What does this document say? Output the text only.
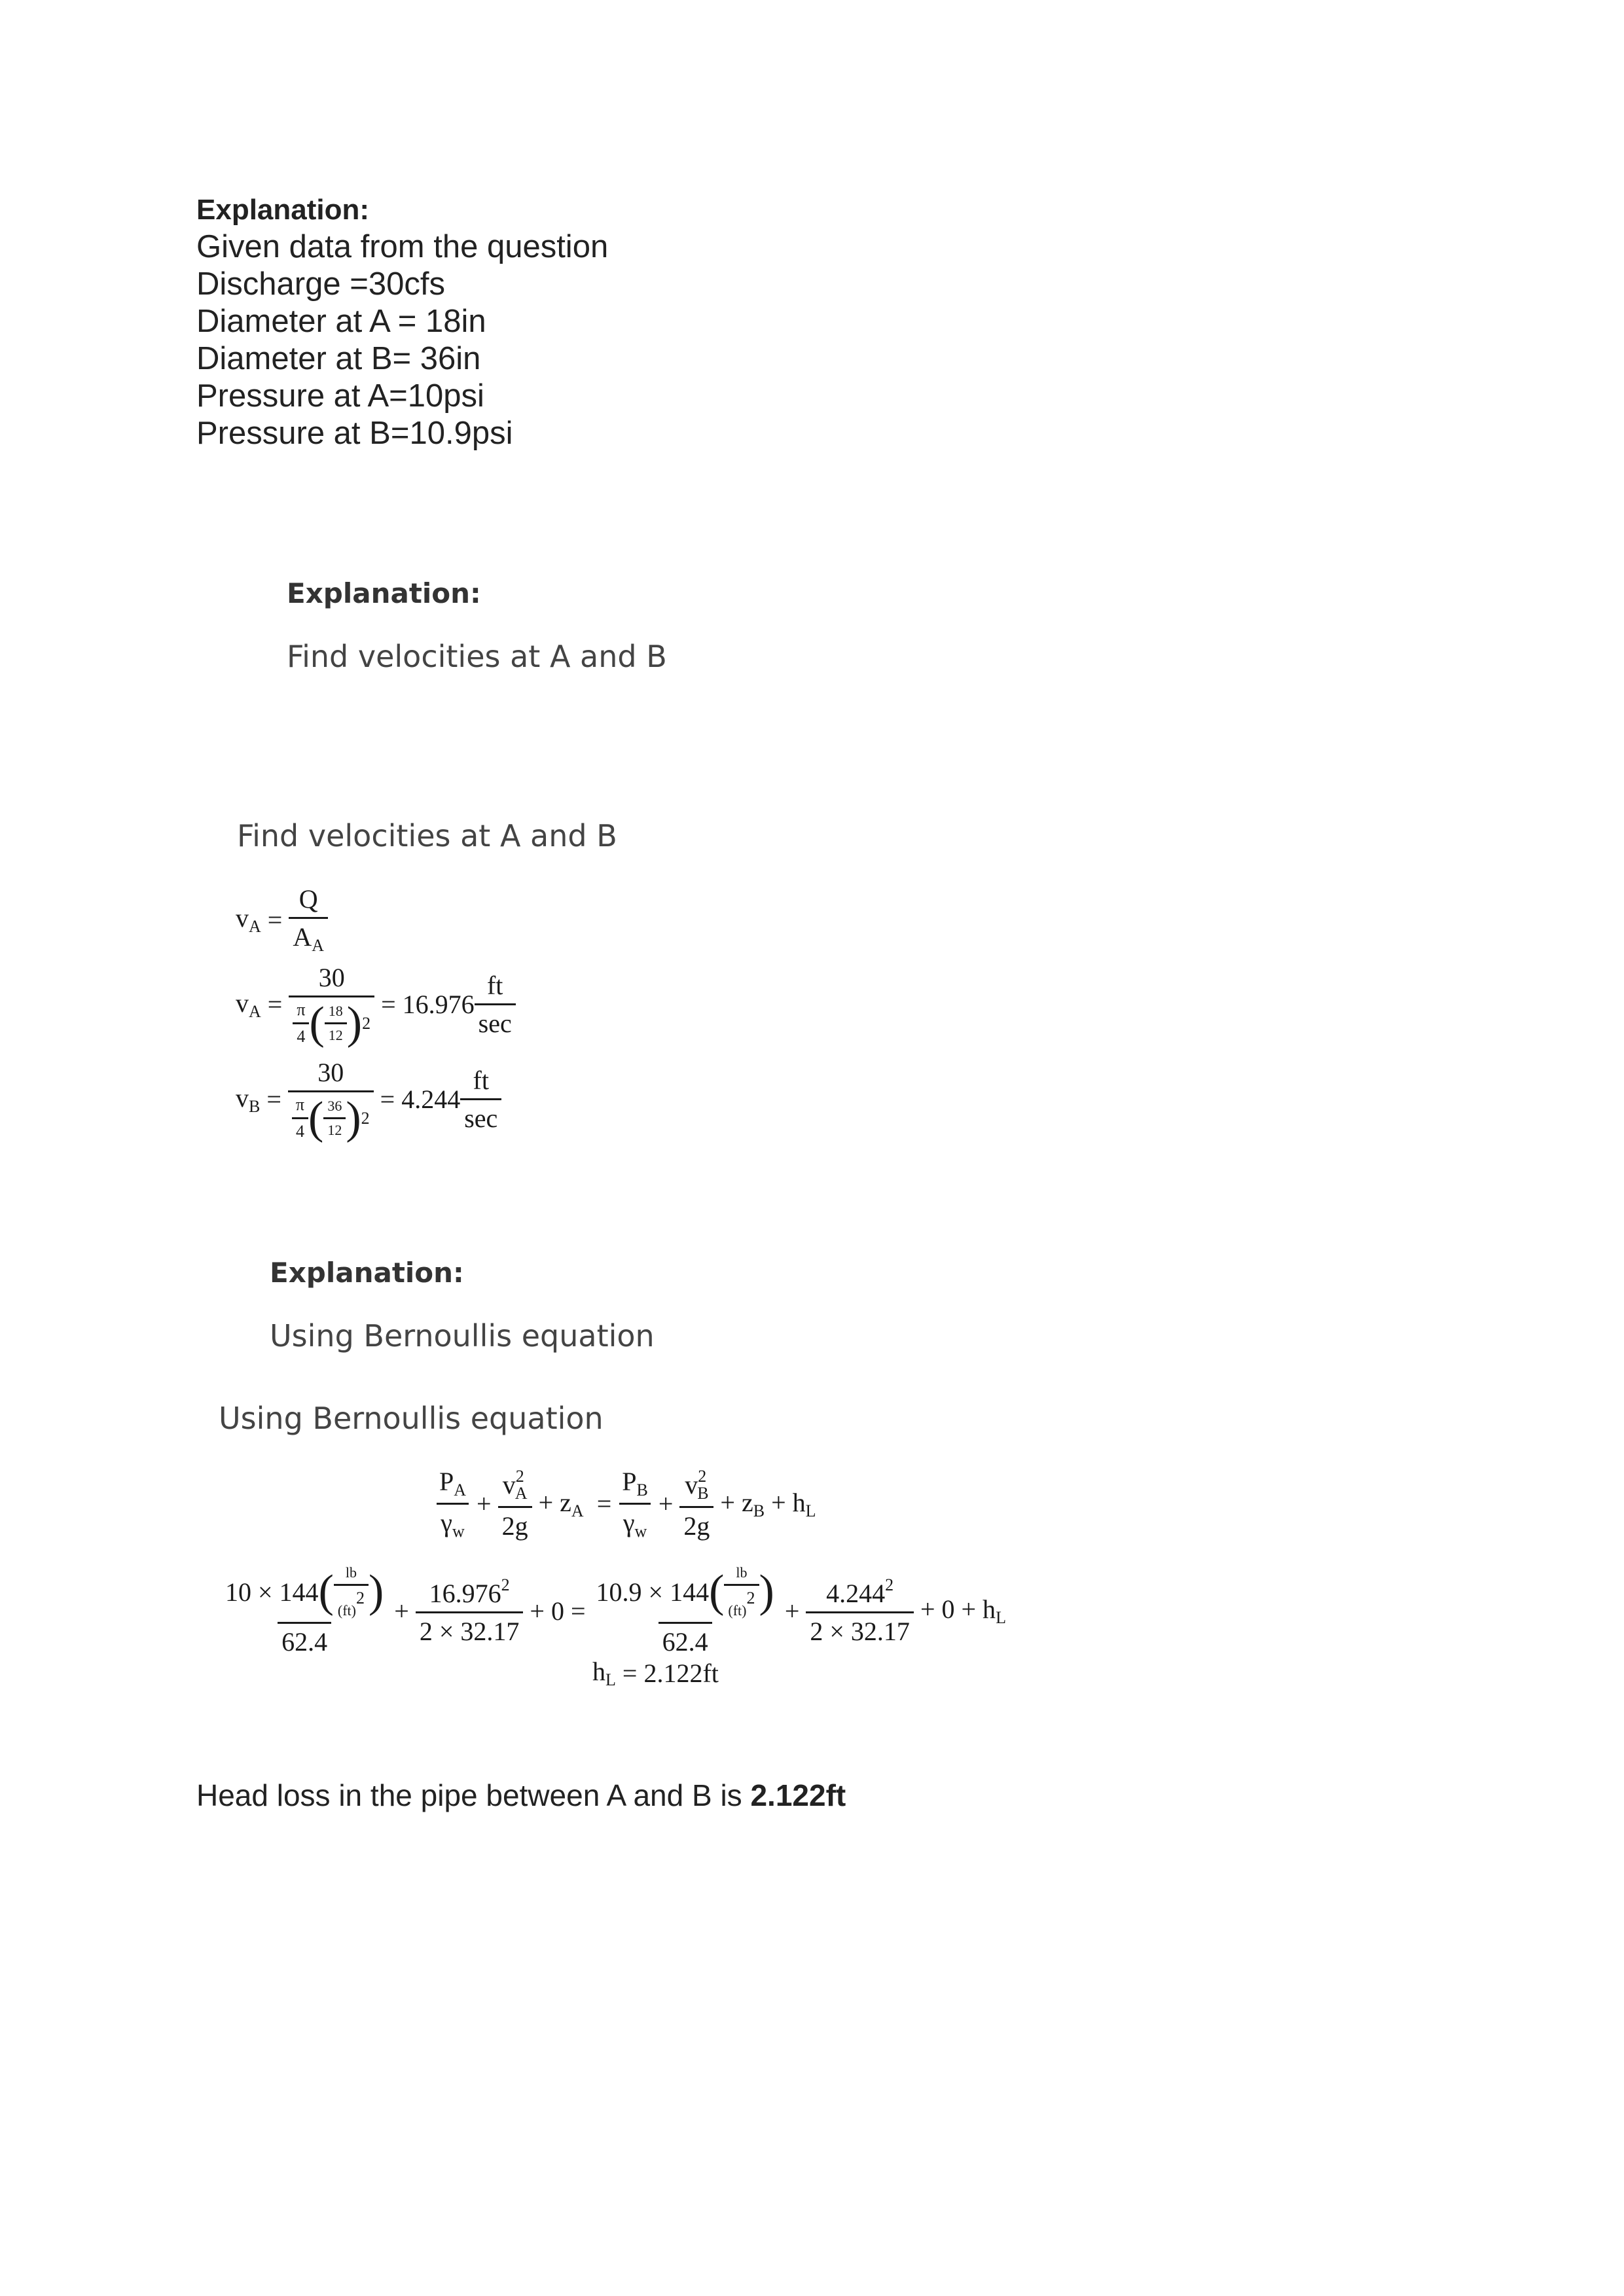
Explanation:
Given data from the question
Discharge =30cfs
Diameter at A = 18in
Diameter at B= 36in
Pressure at A=10psi
Pressure at B=10.9psi
Explanation:
Find velocities at A and B
Find velocities at A and B
$v_A = \frac{Q}{A_A}$
$v_A = \frac{30}{\frac{\pi}{4} ( \frac{18}{12} ) 2} = 16.976 \frac{ft}{\sec}$
$v_B = \frac{30}{\frac{\pi}{4} ( \frac{36}{12} ) 2} = 4.244 \frac{ft}{\sec}$
Explanation:
Using Bernoullis equation
Using Bernoullis equation
$\frac{P_A}{\gamma_w} + \frac{v^2_A}{2g} + z_A = \frac{P_B}{\gamma_w} + \frac{v^2_B}{2g} + z_B + h_L$
$\frac{10 \times 144 ( \frac{lb}{(ft)2} )}{62.4} + \frac{16.976^2}{2 \times 32.17} + 0 = \frac{10.9 \times 144 ( \frac{lb}{(ft)2} )}{62.4} + \frac{4.244^2}{2 \times 32.17} + 0 + h_L$
$h_L = 2.122ft$
Head loss in the pipe between A and B is 2.122ft
